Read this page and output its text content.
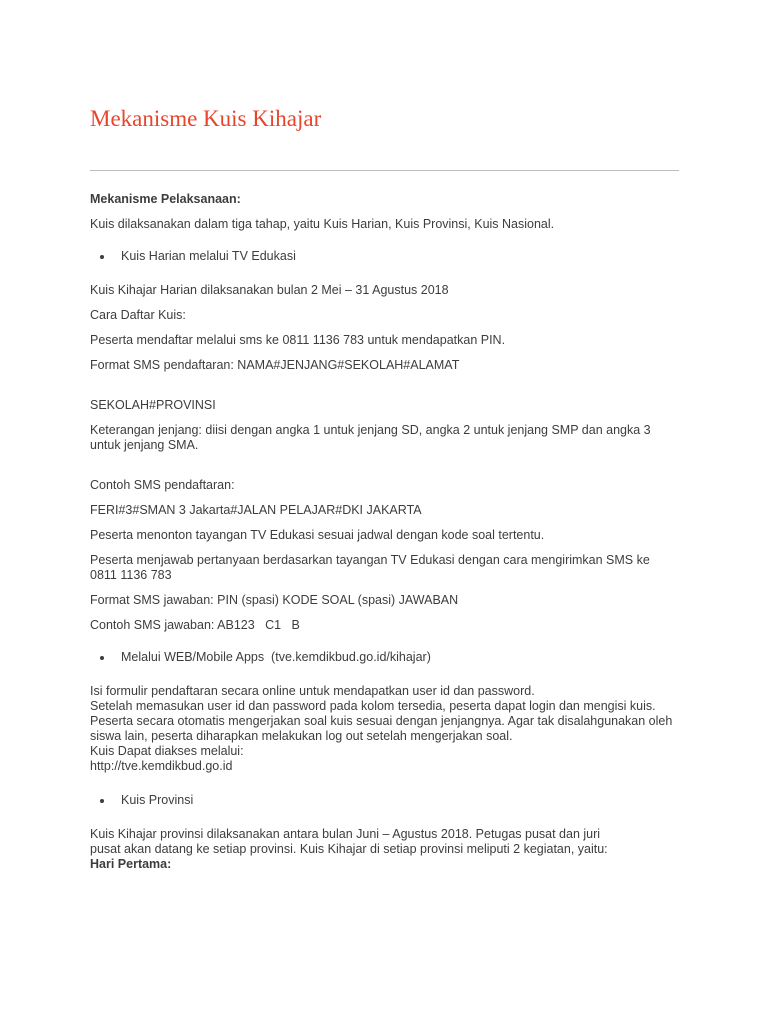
Mekanisme Kuis Kihajar

Mekanisme Pelaksanaan:

Kuis dilaksanakan dalam tiga tahap, yaitu Kuis Harian, Kuis Provinsi, Kuis Nasional.

Kuis Harian melalui TV Edukasi

Kuis Kihajar Harian dilaksanakan bulan 2 Mei – 31 Agustus 2018

Cara Daftar Kuis:

Peserta mendaftar melalui sms ke 0811 1136 783 untuk mendapatkan PIN.

Format SMS pendaftaran: NAMA#JENJANG#SEKOLAH#ALAMAT

SEKOLAH#PROVINSI

Keterangan jenjang: diisi dengan angka 1 untuk jenjang SD, angka 2 untuk jenjang SMP dan angka 3 untuk jenjang SMA.

Contoh SMS pendaftaran:

FERI#3#SMAN 3 Jakarta#JALAN PELAJAR#DKI JAKARTA

Peserta menonton tayangan TV Edukasi sesuai jadwal dengan kode soal tertentu.

Peserta menjawab pertanyaan berdasarkan tayangan TV Edukasi dengan cara mengirimkan SMS ke 0811 1136 783

Format SMS jawaban: PIN (spasi) KODE SOAL (spasi) JAWABAN

Contoh SMS jawaban: AB123   C1   B

Melalui WEB/Mobile Apps  (tve.kemdikbud.go.id/kihajar)
Isi formulir pendaftaran secara online untuk mendapatkan user id dan password.
Setelah memasukan user id dan password pada kolom tersedia, peserta dapat login dan mengisi kuis.
Peserta secara otomatis mengerjakan soal kuis sesuai dengan jenjangnya. Agar tak disalahgunakan oleh siswa lain, peserta diharapkan melakukan log out setelah mengerjakan soal.
Kuis Dapat diakses melalui:
http://tve.kemdikbud.go.id
Kuis Provinsi
Kuis Kihajar provinsi dilaksanakan antara bulan Juni – Agustus 2018. Petugas pusat dan juri
pusat akan datang ke setiap provinsi. Kuis Kihajar di setiap provinsi meliputi 2 kegiatan, yaitu:
Hari Pertama:
